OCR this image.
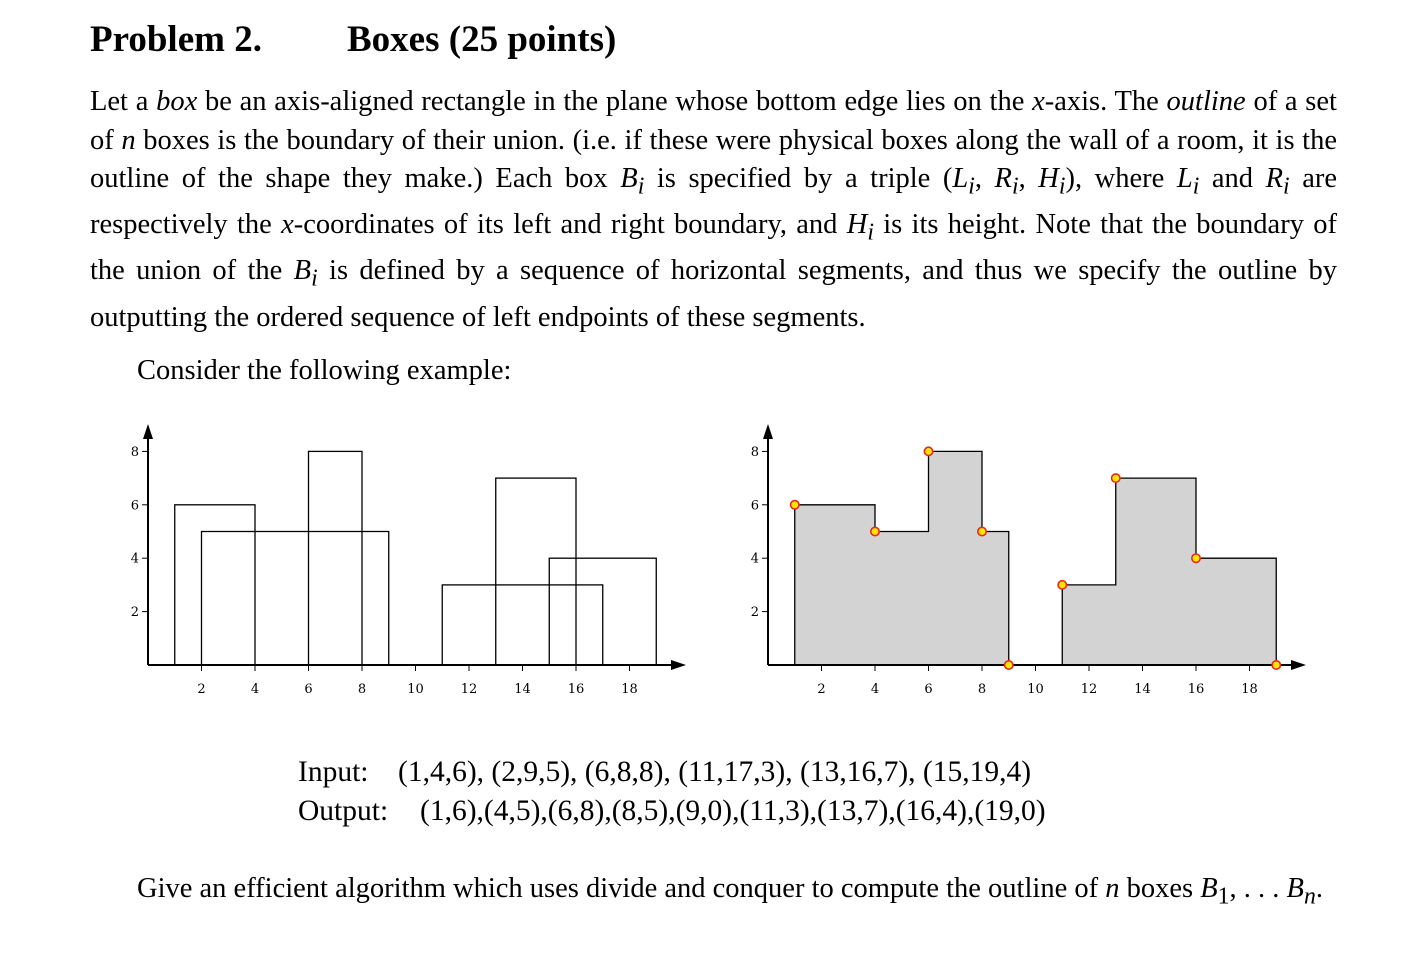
Problem 2. Boxes (25 points)
Let a box be an axis-aligned rectangle in the plane whose bottom edge lies on the x-axis. The outline of a set of n boxes is the boundary of their union. (i.e. if these were physical boxes along the wall of a room, it is the outline of the shape they make.) Each box $B_i$ is specified by a triple ($L_i$, $R_i$, $H_i$), where $L_i$ and $R_i$ are respectively the x-coordinates of its left and right boundary, and $H_i$ is its height. Note that the boundary of the union of the $B_i$ is defined by a sequence of horizontal segments, and thus we specify the outline by outputting the ordered sequence of left endpoints of these segments.
Consider the following example:
2	4	6	8	10	12	14	16	18
2
4
6
8
2	4	6	8	10	12	14	16	18
2
4
6
8
Input: (1,4,6), (2,9,5), (6,8,8), (11,17,3), (13,16,7), (15,19,4)
Output: (1,6),(4,5),(6,8),(8,5),(9,0),(11,3),(13,7),(16,4),(19,0)
Give an efficient algorithm which uses divide and conquer to compute the outline of n boxes $B_1$, . . . $B_n$.
